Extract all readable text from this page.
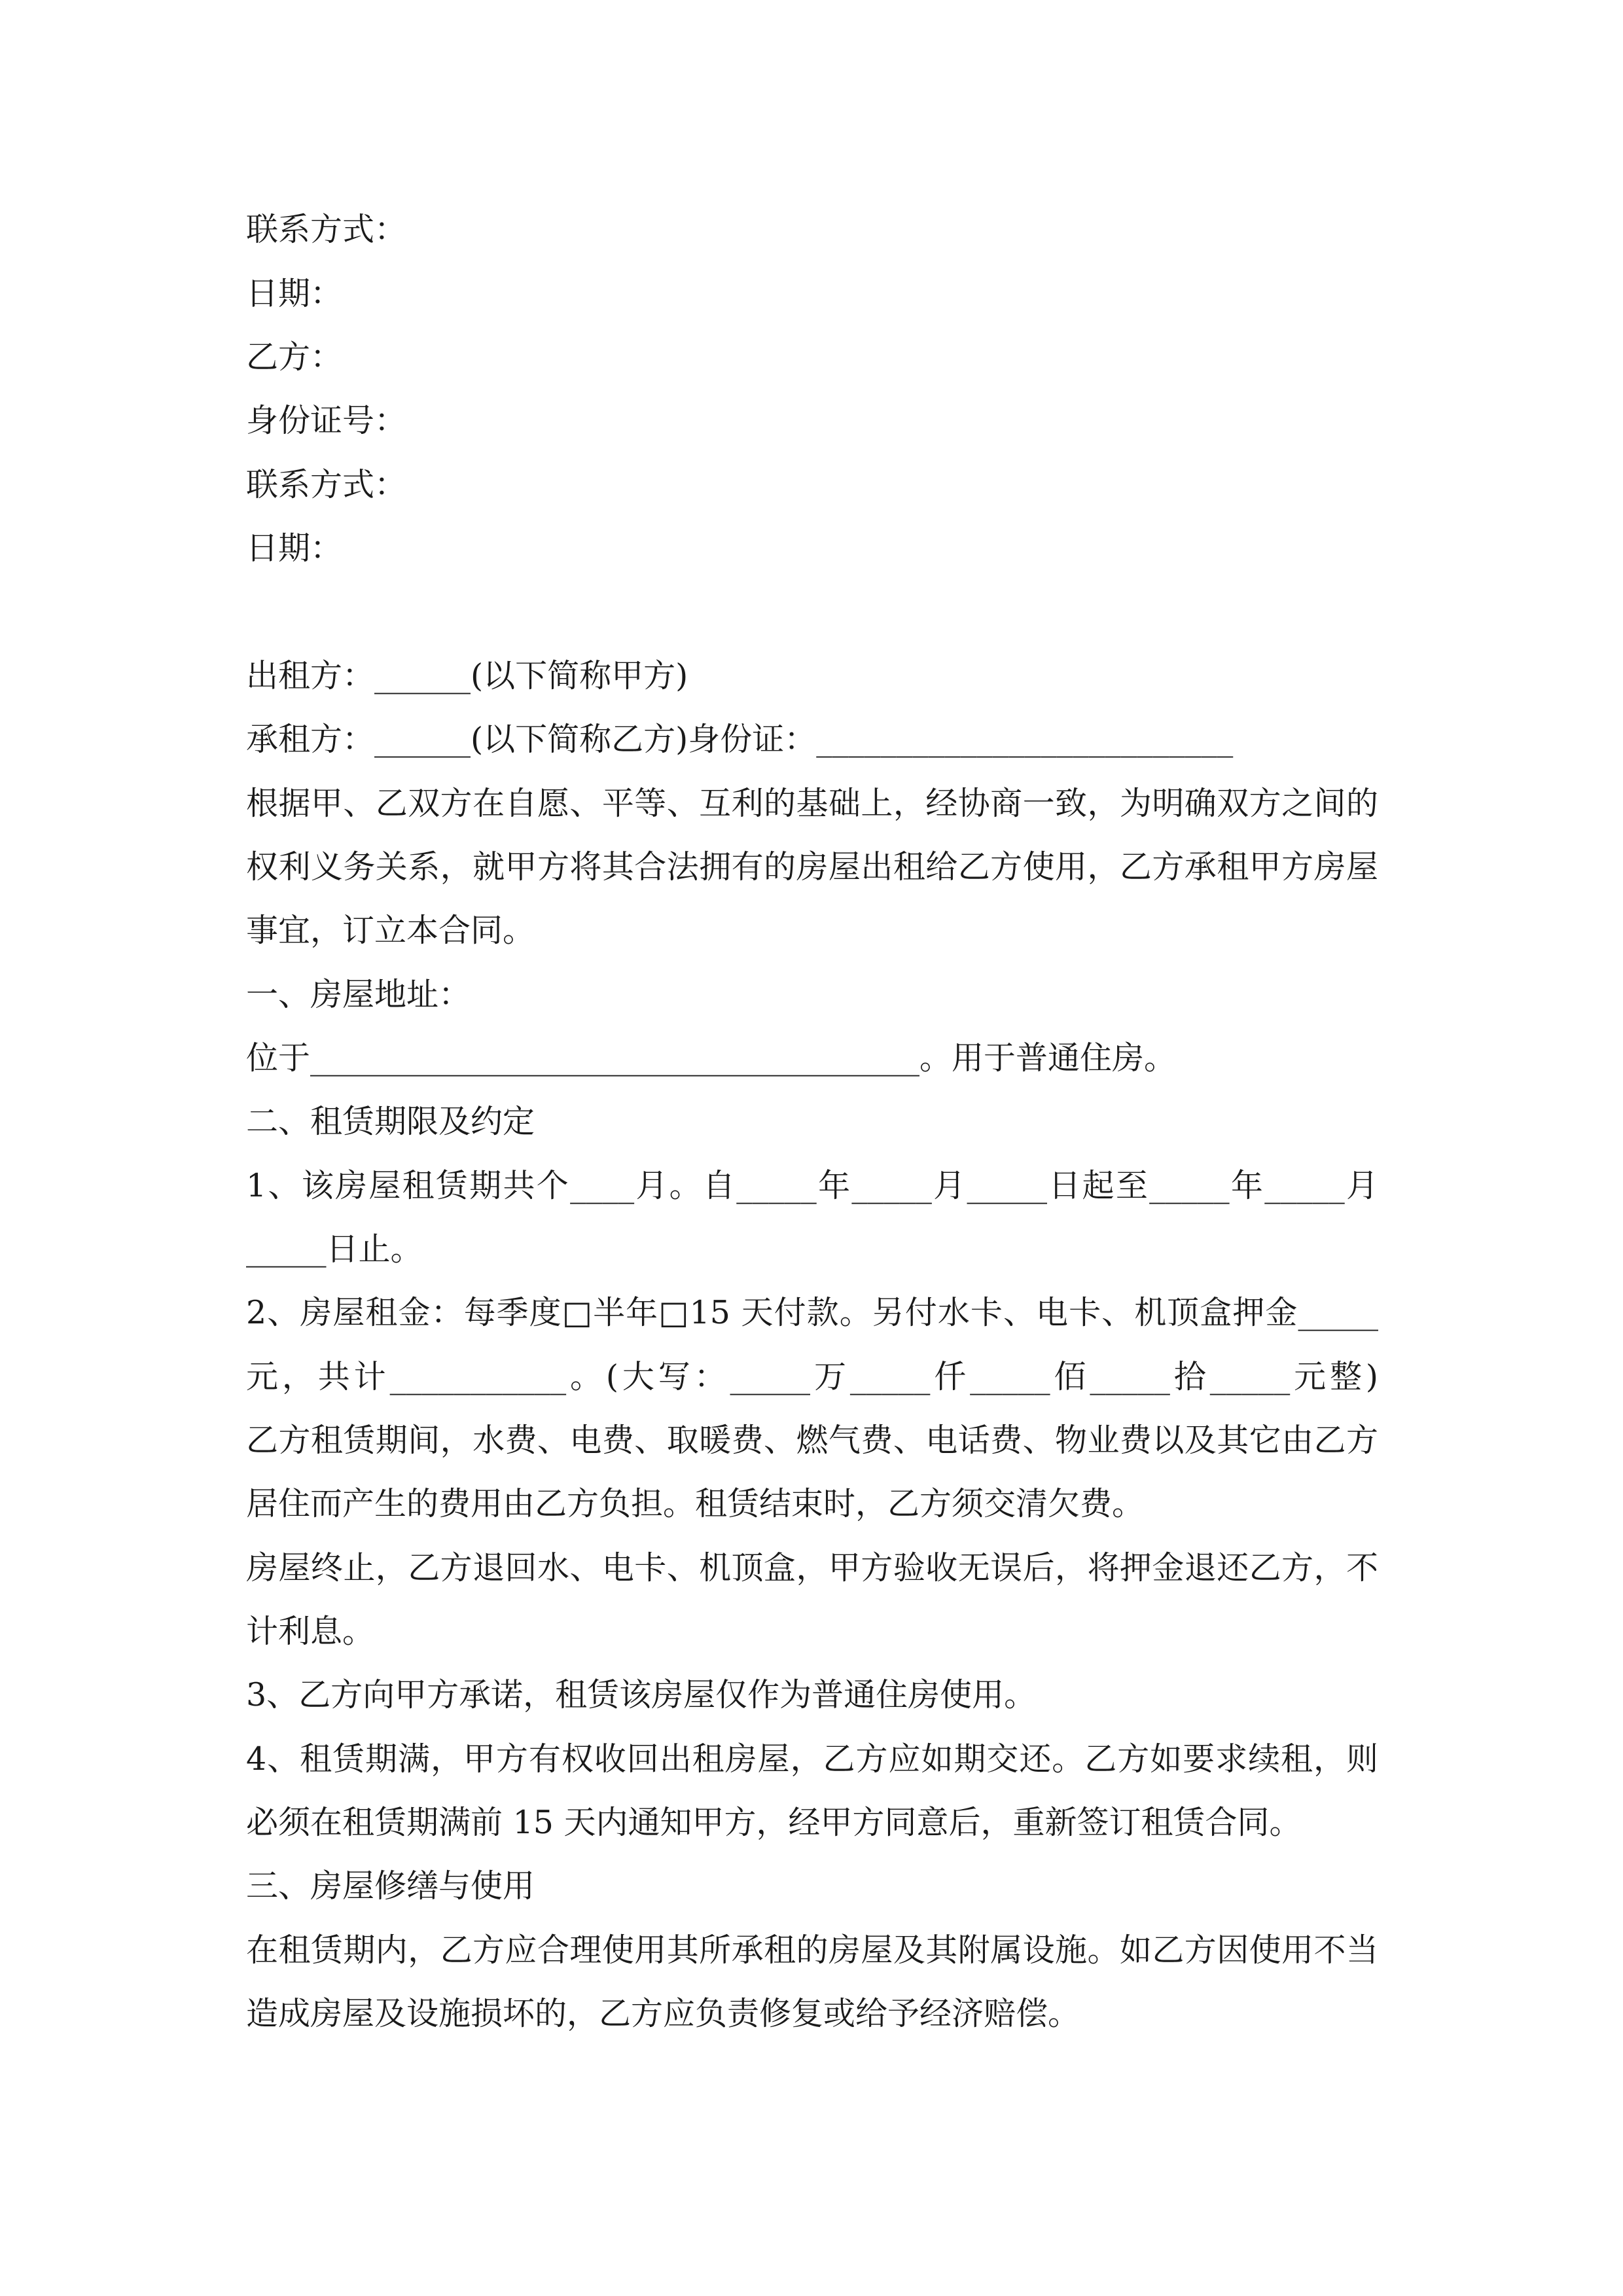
联系方式：
日期：
乙方：
身份证号：
联系方式：
日期：
出租方：______(以下简称甲方)
承租方：______(以下简称乙方)身份证：__________________________
根据甲、乙双方在自愿、平等、互利的基础上，经协商一致，为明确双方之间的
权利义务关系，就甲方将其合法拥有的房屋出租给乙方使用，乙方承租甲方房屋
事宜，订立本合同。
一、房屋地址：
位于______________________________________。用于普通住房。
二、租赁期限及约定
1、该房屋租赁期共个____月。自_____年_____月_____日起至_____年_____月
_____日止。
2、房屋租金：每季度□半年□15 天付款。另付水卡、电卡、机顶盒押金_____
元，共计___________。(大写：_____万_____仟_____佰_____拾_____元整)
乙方租赁期间，水费、电费、取暖费、燃气费、电话费、物业费以及其它由乙方
居住而产生的费用由乙方负担。租赁结束时，乙方须交清欠费。
房屋终止，乙方退回水、电卡、机顶盒，甲方验收无误后，将押金退还乙方，不
计利息。
3、乙方向甲方承诺，租赁该房屋仅作为普通住房使用。
4、租赁期满，甲方有权收回出租房屋，乙方应如期交还。乙方如要求续租，则
必须在租赁期满前 15 天内通知甲方，经甲方同意后，重新签订租赁合同。
三、房屋修缮与使用
在租赁期内，乙方应合理使用其所承租的房屋及其附属设施。如乙方因使用不当
造成房屋及设施损坏的，乙方应负责修复或给予经济赔偿。
